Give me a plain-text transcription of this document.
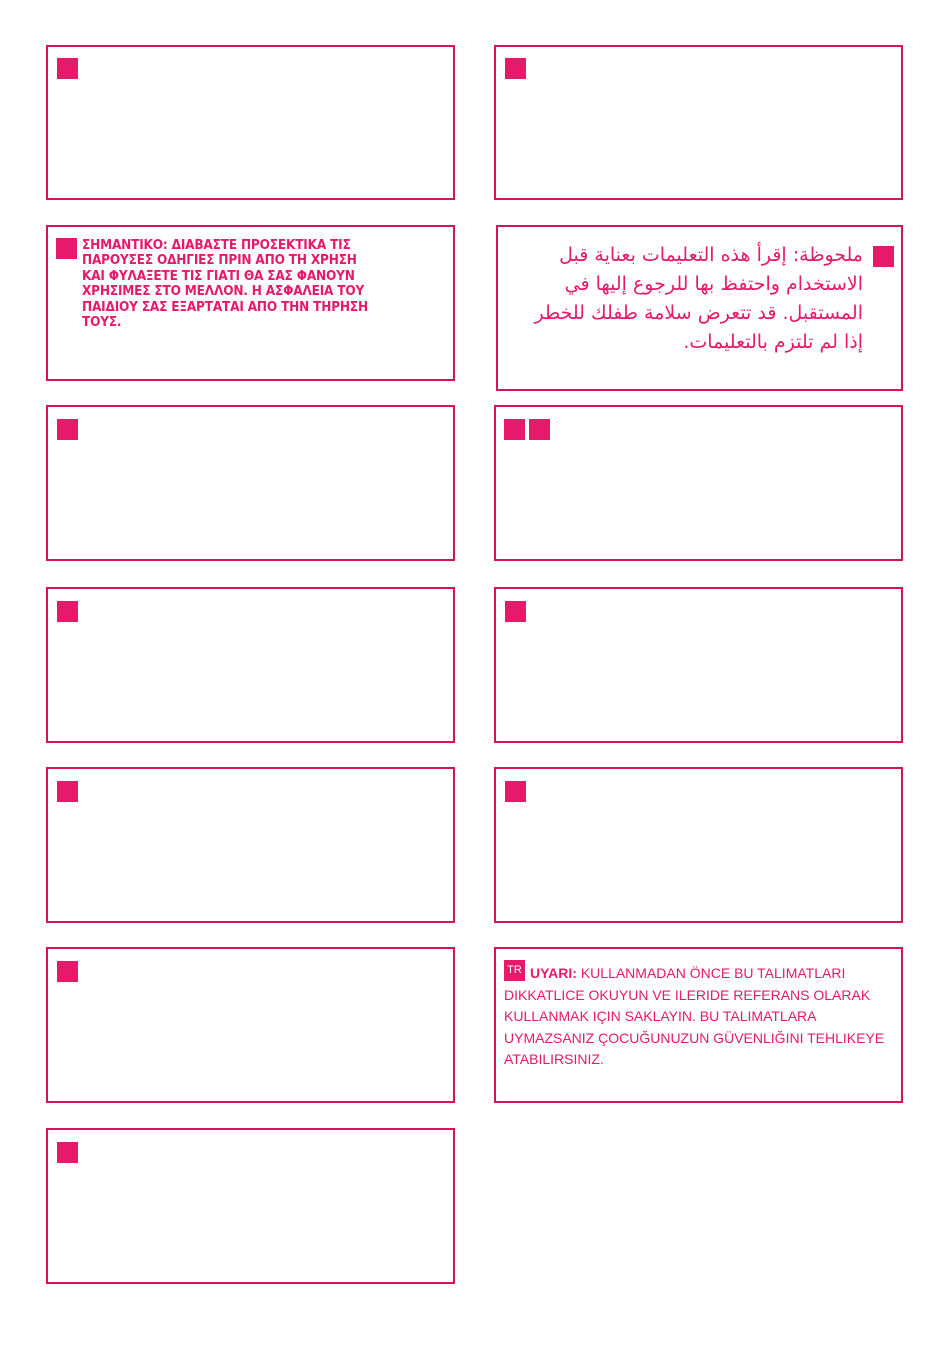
ΣΗΜΑΝΤΙΚΟ: ΔΙΑΒΑΣΤΕ ΠΡΟΣΕΚΤΙΚΑ ΤΙΣ
ΠΑΡΟΥΣΕΣ ΟΔΗΓΙΕΣ ΠΡΙΝ ΑΠΟ ΤΗ ΧΡΗΣΗ
ΚΑΙ ΦΥΛΑΞΕΤΕ ΤΙΣ ΓΙΑΤΙ ΘΑ ΣΑΣ ΦΑΝΟΥΝ
ΧΡΗΣΙΜΕΣ ΣΤΟ ΜΕΛΛΟΝ. Η ΑΣΦΑΛΕΙΑ ΤΟΥ
ΠΑΙΔΙΟΥ ΣΑΣ ΕΞΑΡΤΑΤΑΙ ΑΠΟ ΤΗΝ ΤΗΡΗΣΗ
ΤΟΥΣ.

ملحوظة: إقرأ هذه التعليمات بعناية قبل
الاستخدام واحتفظ بها للرجوع إليها في
المستقبل. قد تتعرض سلامة طفلك للخطر
إذا لم تلتزم بالتعليمات.

TR UYARI: KULLANMADAN ÖNCE BU TALIMATLARI DIKKATLICE OKUYUN VE ILERIDE REFERANS OLARAK KULLANMAK IÇIN SAKLAYIN. BU TALIMATLARA UYMAZSANIZ ÇOCUĞUNUZUN GÜVENLIĞINI TEHLIKEYE ATABILIRSINIZ.
